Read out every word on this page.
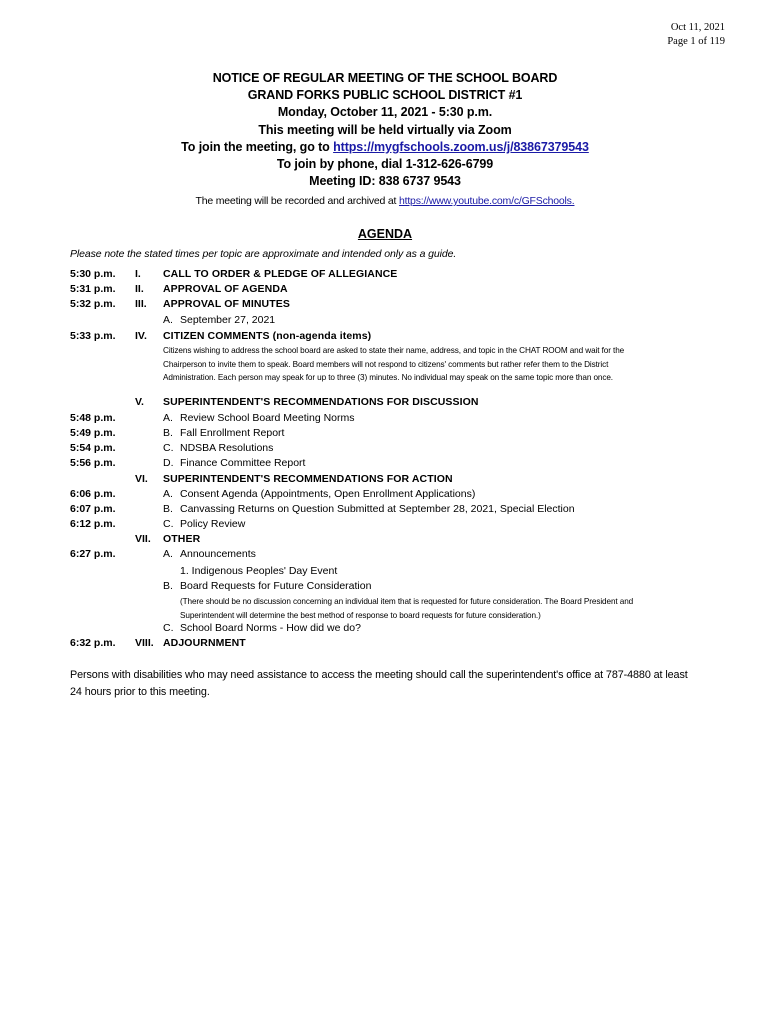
Oct 11, 2021
Page 1 of 119
NOTICE OF REGULAR MEETING OF THE SCHOOL BOARD
GRAND FORKS PUBLIC SCHOOL DISTRICT #1
Monday, October 11, 2021 - 5:30 p.m.
This meeting will be held virtually via Zoom
To join the meeting, go to https://mygfschools.zoom.us/j/83867379543
To join by phone, dial 1-312-626-6799
Meeting ID: 838 6737 9543
The meeting will be recorded and archived at https://www.youtube.com/c/GFSchools.
AGENDA
Please note the stated times per topic are approximate and intended only as a guide.
5:30 p.m. I. CALL TO ORDER & PLEDGE OF ALLEGIANCE
5:31 p.m. II. APPROVAL OF AGENDA
5:32 p.m. III. APPROVAL OF MINUTES
A. September 27, 2021
5:33 p.m. IV. CITIZEN COMMENTS (non-agenda items)
Citizens wishing to address the school board are asked to state their name, address, and topic in the CHAT ROOM and wait for the
Chairperson to invite them to speak. Board members will not respond to citizens' comments but rather refer them to the District
Administration. Each person may speak for up to three (3) minutes. No individual may speak on the same topic more than once.
V. SUPERINTENDENT'S RECOMMENDATIONS FOR DISCUSSION
5:48 p.m.	A. Review School Board Meeting Norms
5:49 p.m.	B. Fall Enrollment Report
5:54 p.m.	C. NDSBA Resolutions
5:56 p.m.	D. Finance Committee Report
VI. SUPERINTENDENT'S RECOMMENDATIONS FOR ACTION
6:06 p.m.	A. Consent Agenda (Appointments, Open Enrollment Applications)
6:07 p.m.	B. Canvassing Returns on Question Submitted at September 28, 2021, Special Election
6:12 p.m.	C. Policy Review
VII. OTHER
6:27 p.m.	A. Announcements
1. Indigenous Peoples' Day Event
B. Board Requests for Future Consideration
(There should be no discussion concerning an individual item that is requested for future consideration. The Board President and
Superintendent will determine the best method of response to board requests for future consideration.)
C. School Board Norms - How did we do?
6:32 p.m. VIII. ADJOURNMENT
Persons with disabilities who may need assistance to access the meeting should call the superintendent's office at 787-4880 at least
24 hours prior to this meeting.
